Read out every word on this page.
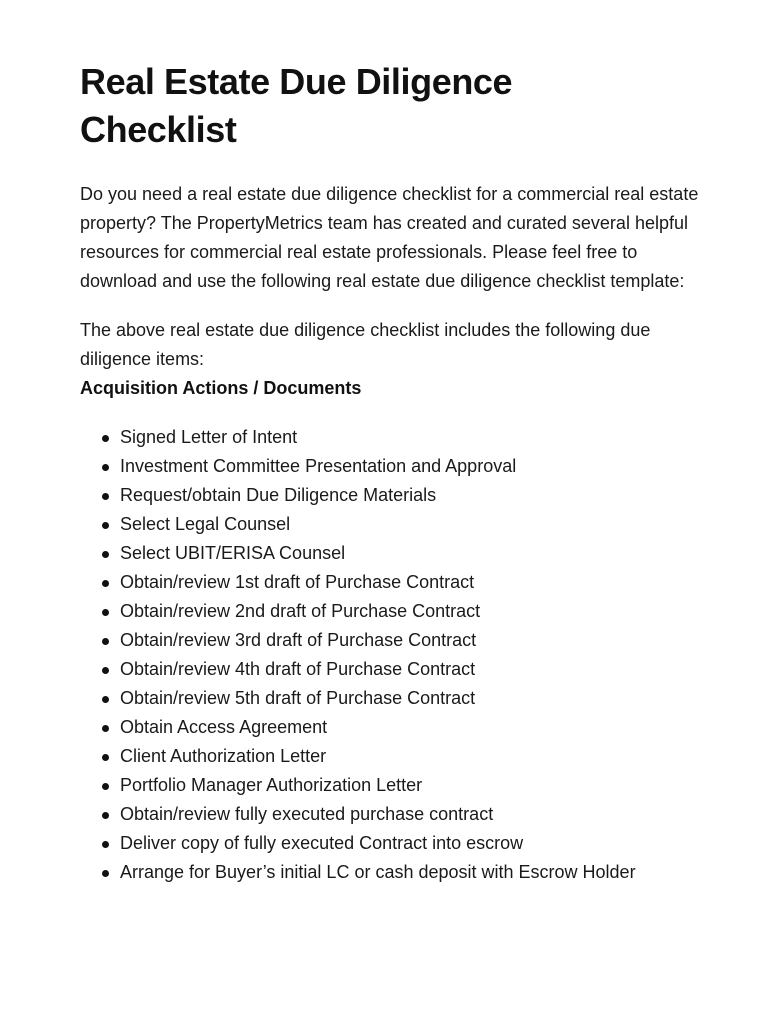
Real Estate Due Diligence Checklist

Do you need a real estate due diligence checklist for a commercial real estate property? The PropertyMetrics team has created and curated several helpful resources for commercial real estate professionals. Please feel free to download and use the following real estate due diligence checklist template:

The above real estate due diligence checklist includes the following due diligence items:

Acquisition Actions / Documents
Signed Letter of Intent
Investment Committee Presentation and Approval
Request/obtain Due Diligence Materials
Select Legal Counsel
Select UBIT/ERISA Counsel
Obtain/review 1st draft of Purchase Contract
Obtain/review 2nd draft of Purchase Contract
Obtain/review 3rd draft of Purchase Contract
Obtain/review 4th draft of Purchase Contract
Obtain/review 5th draft of Purchase Contract
Obtain Access Agreement
Client Authorization Letter
Portfolio Manager Authorization Letter
Obtain/review fully executed purchase contract
Deliver copy of fully executed Contract into escrow
Arrange for Buyer’s initial LC or cash deposit with Escrow Holder
